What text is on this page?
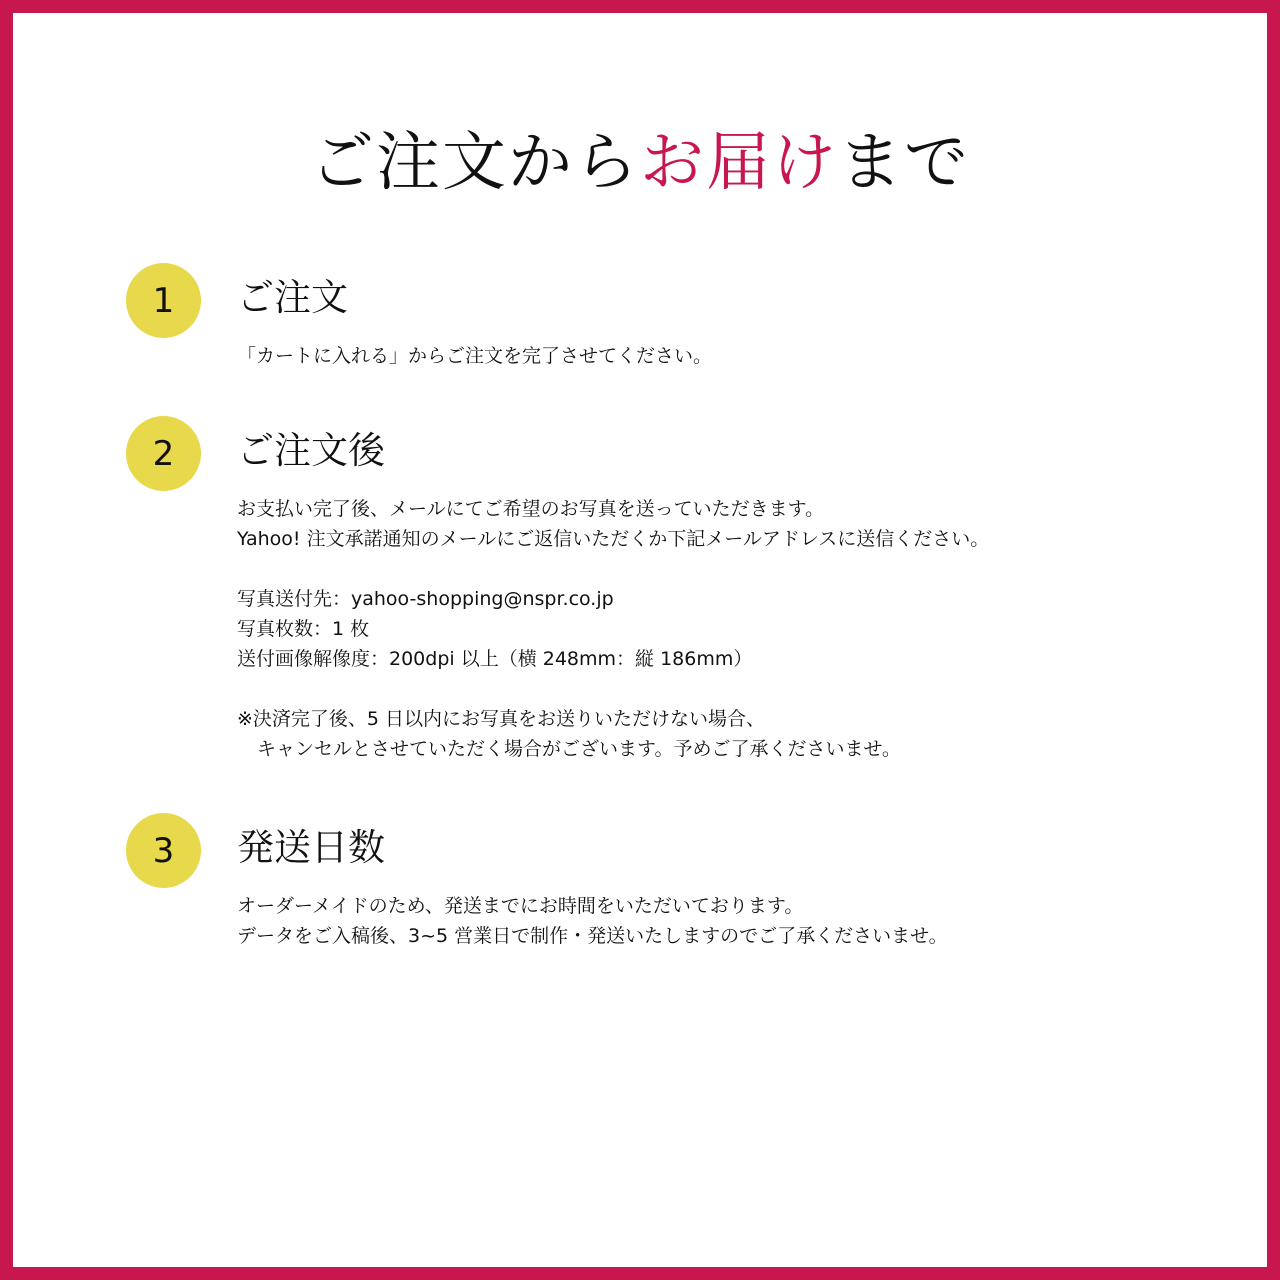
ご注文からお届けまで
1	ご注文
「カートに入れる」からご注文を完了させてください。
2	ご注文後
お支払い完了後、メールにてご希望のお写真を送っていただきます。
Yahoo! 注文承諾通知のメールにご返信いただくか下記メールアドレスに送信ください。
写真送付先：yahoo-shopping@nspr.co.jp
写真枚数：1 枚
送付画像解像度：200dpi 以上（横 248mm：縦 186mm）
※決済完了後、5 日以内にお写真をお送りいただけない場合、
キャンセルとさせていただく場合がございます。予めご了承くださいませ。
3	発送日数
オーダーメイドのため、発送までにお時間をいただいております。
データをご入稿後、3~5 営業日で制作・発送いたしますのでご了承くださいませ。
